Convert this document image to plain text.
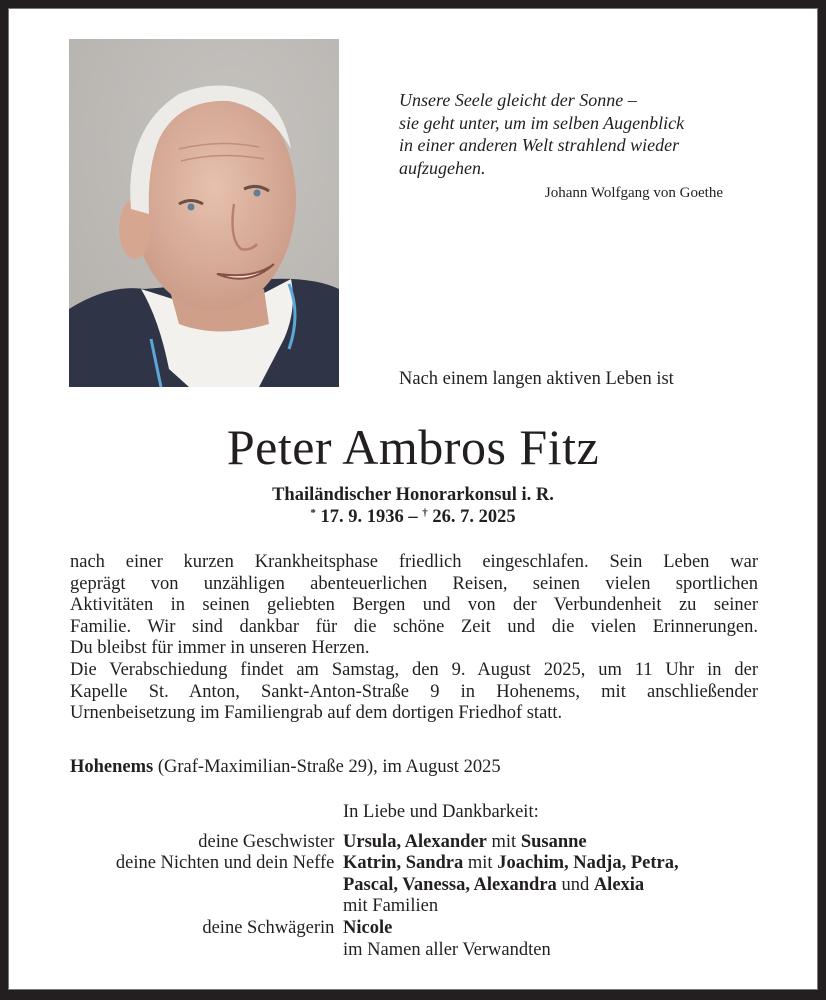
Unsere Seele gleicht der Sonne –
sie geht unter, um im selben Augenblick
in einer anderen Welt strahlend wieder
aufzugehen.
Johann Wolfgang von Goethe
Nach einem langen aktiven Leben ist
Peter Ambros Fitz
Thailändischer Honorarkonsul i. R.
* 17. 9. 1936 – † 26. 7. 2025
nach einer kurzen Krankheitsphase friedlich eingeschlafen. Sein Leben war
geprägt von unzähligen abenteuerlichen Reisen, seinen vielen sportlichen
Aktivitäten in seinen geliebten Bergen und von der Verbundenheit zu seiner
Familie. Wir sind dankbar für die schöne Zeit und die vielen Erinnerungen.
Du bleibst für immer in unseren Herzen.
Die Verabschiedung findet am Samstag, den 9. August 2025, um 11 Uhr in der
Kapelle St. Anton, Sankt-Anton-Straße 9 in Hohenems, mit anschließender
Urnenbeisetzung im Familiengrab auf dem dortigen Friedhof statt.
Hohenems (Graf-Maximilian-Straße 29), im August 2025
In Liebe und Dankbarkeit:
deine Geschwister Ursula, Alexander mit Susanne
deine Nichten und dein Neffe Katrin, Sandra mit Joachim, Nadja, Petra,
Pascal, Vanessa, Alexandra und Alexia
mit Familien
deine Schwägerin Nicole
im Namen aller Verwandten
